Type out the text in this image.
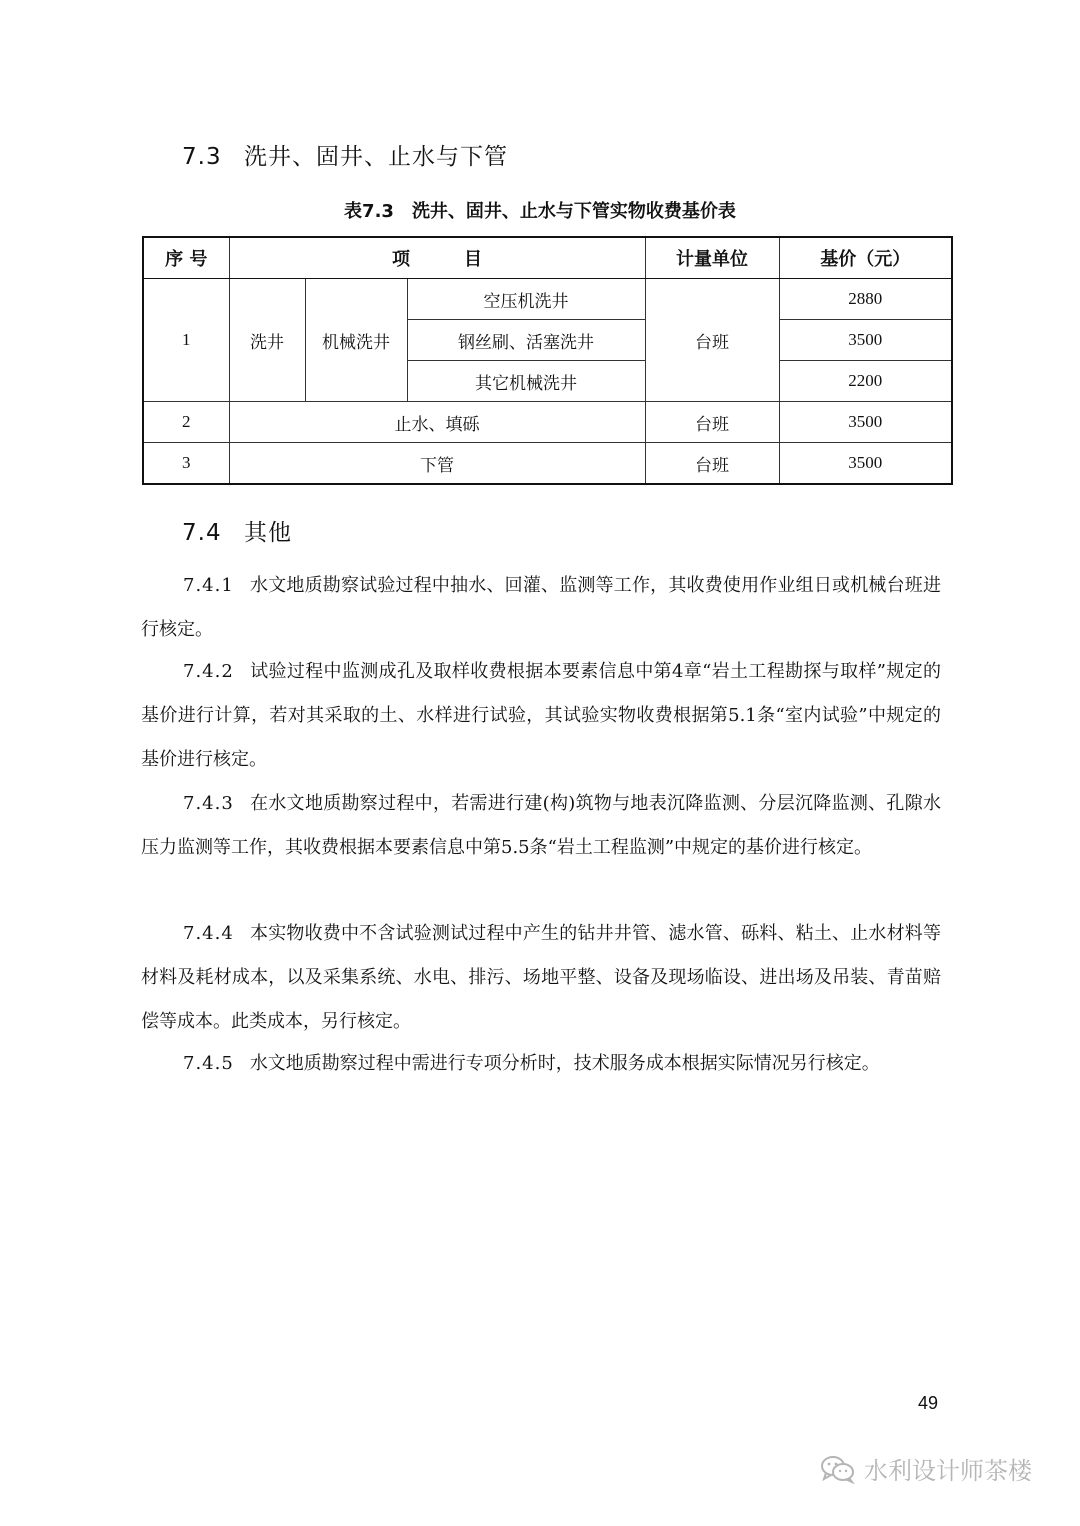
7.3 洗井、固井、止水与下管
表7.3 洗井、固井、止水与下管实物收费基价表
序 号	项　　　目			计量单位	基价（元）
1	洗井	机械洗井	空压机洗井	台班	2880
			钢丝刷、活塞洗井		3500
			其它机械洗井		2200
2	止水、填砾			台班	3500
3	下管			台班	3500
7.4 其他
7.4.1 水文地质勘察试验过程中抽水、回灌、监测等工作，其收费使用作业组日或机械台班进行核定。
7.4.2 试验过程中监测成孔及取样收费根据本要素信息中第4章“岩土工程勘探与取样”规定的基价进行计算，若对其采取的土、水样进行试验，其试验实物收费根据第5.1条“室内试验”中规定的基价进行核定。
7.4.3 在水文地质勘察过程中，若需进行建(构)筑物与地表沉降监测、分层沉降监测、孔隙水压力监测等工作，其收费根据本要素信息中第5.5条“岩土工程监测”中规定的基价进行核定。
7.4.4 本实物收费中不含试验测试过程中产生的钻井井管、滤水管、砾料、粘土、止水材料等材料及耗材成本，以及采集系统、水电、排污、场地平整、设备及现场临设、进出场及吊装、青苗赔偿等成本。此类成本，另行核定。
7.4.5 水文地质勘察过程中需进行专项分析时，技术服务成本根据实际情况另行核定。
49
水利设计师茶楼
